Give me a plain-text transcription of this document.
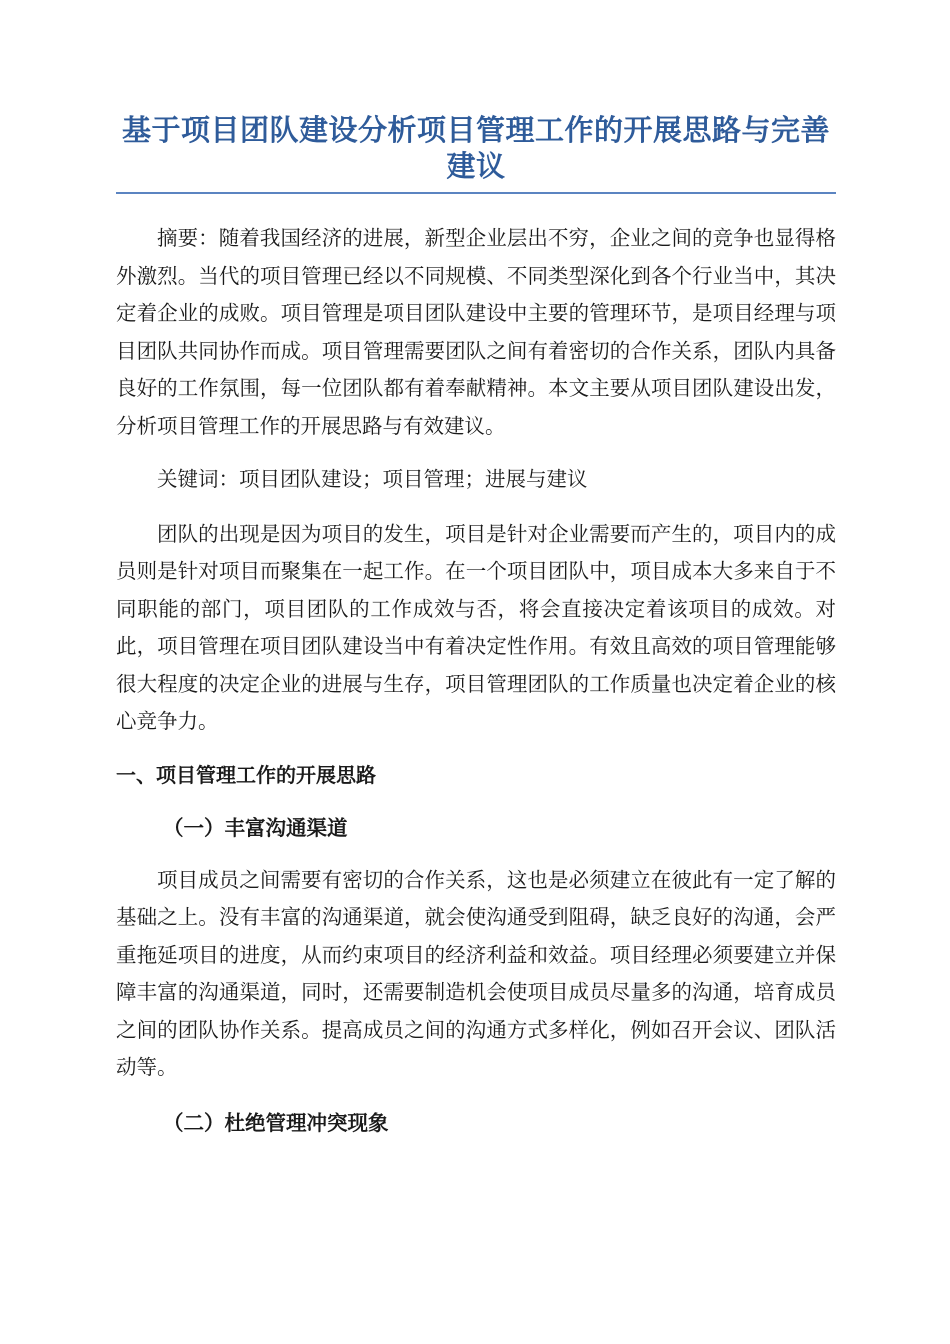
基于项目团队建设分析项目管理工作的开展思路与完善建议

摘要：随着我国经济的进展，新型企业层出不穷，企业之间的竞争也显得格外激烈。当代的项目管理已经以不同规模、不同类型深化到各个行业当中，其决定着企业的成败。项目管理是项目团队建设中主要的管理环节，是项目经理与项目团队共同协作而成。项目管理需要团队之间有着密切的合作关系，团队内具备良好的工作氛围，每一位团队都有着奉献精神。本文主要从项目团队建设出发，分析项目管理工作的开展思路与有效建议。

关键词：项目团队建设；项目管理；进展与建议

团队的出现是因为项目的发生，项目是针对企业需要而产生的，项目内的成员则是针对项目而聚集在一起工作。在一个项目团队中，项目成本大多来自于不同职能的部门，项目团队的工作成效与否，将会直接决定着该项目的成效。对此，项目管理在项目团队建设当中有着决定性作用。有效且高效的项目管理能够很大程度的决定企业的进展与生存，项目管理团队的工作质量也决定着企业的核心竞争力。

一、项目管理工作的开展思路
（一）丰富沟通渠道

项目成员之间需要有密切的合作关系，这也是必须建立在彼此有一定了解的基础之上。没有丰富的沟通渠道，就会使沟通受到阻碍，缺乏良好的沟通，会严重拖延项目的进度，从而约束项目的经济利益和效益。项目经理必须要建立并保障丰富的沟通渠道，同时，还需要制造机会使项目成员尽量多的沟通，培育成员之间的团队协作关系。提高成员之间的沟通方式多样化，例如召开会议、团队活动等。

（二）杜绝管理冲突现象
